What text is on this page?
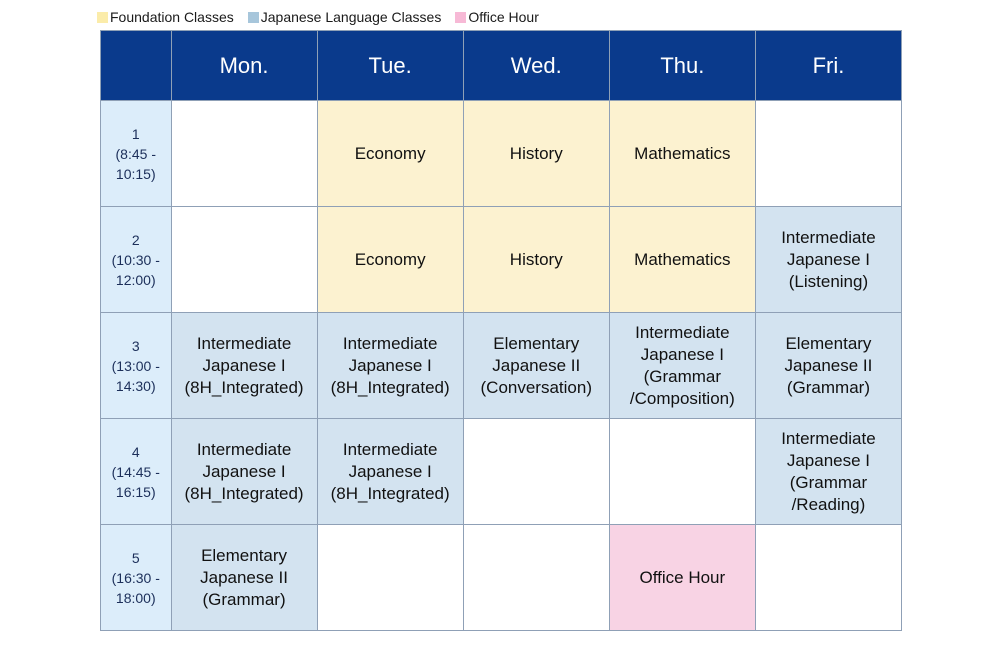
Foundation Classes Japanese Language Classes Office Hour
	Mon.	Tue.	Wed.	Thu.	Fri.

1
(8:45 -
10:15)		Economy	History	Mathematics	

2
(10:30 -
12:00)		Economy	History	Mathematics	Intermediate
Japanese I
(Listening)

3
(13:00 -
14:30)	Intermediate
Japanese I
(8H_Integrated)	Intermediate
Japanese I
(8H_Integrated)	Elementary
Japanese II
(Conversation)	Intermediate
Japanese I
(Grammar
/Composition)	Elementary
Japanese II
(Grammar)

4
(14:45 -
16:15)	Intermediate
Japanese I
(8H_Integrated)	Intermediate
Japanese I
(8H_Integrated)			Intermediate
Japanese I
(Grammar
/Reading)

5
(16:30 -
18:00)	Elementary
Japanese II
(Grammar)			Office Hour	
